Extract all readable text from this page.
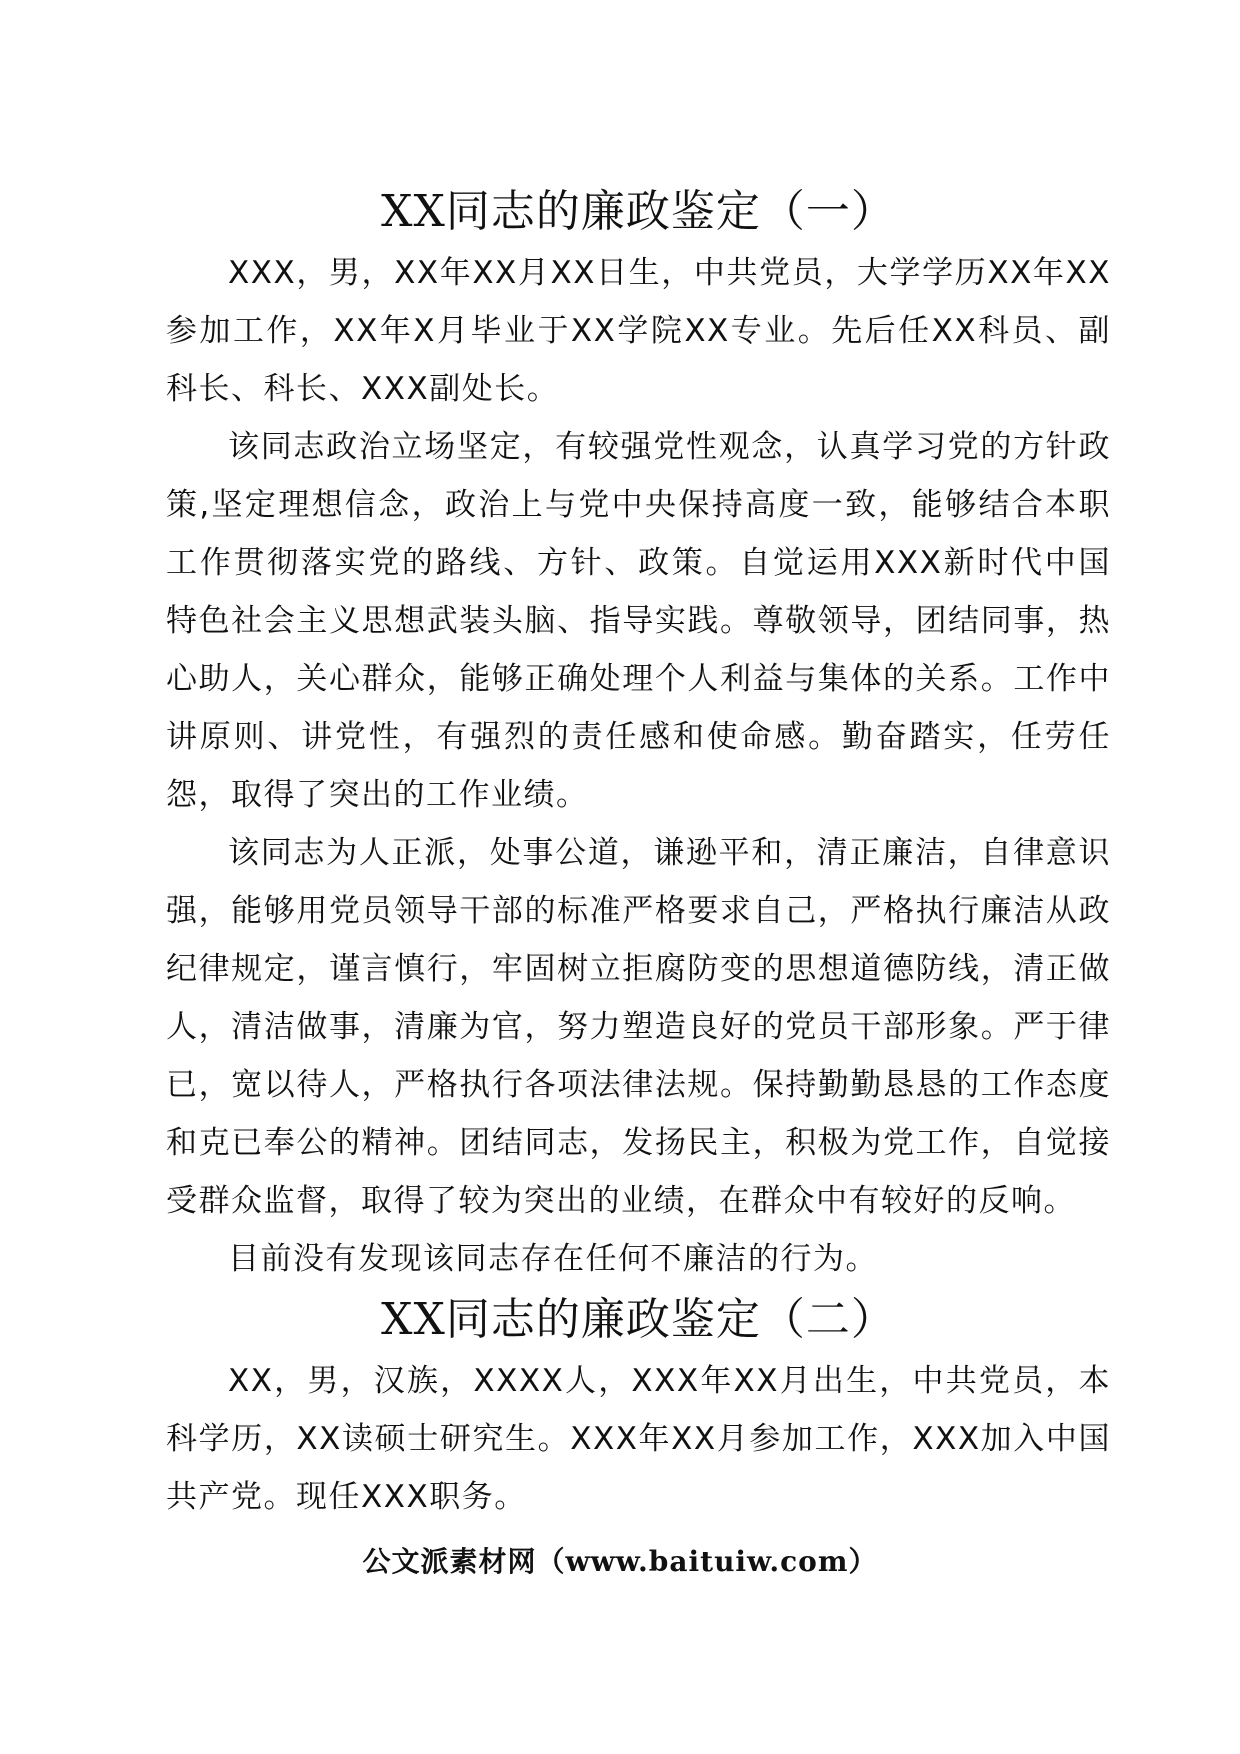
XX同志的廉政鉴定（一）

XXX，男，XX年XX月XX日生，中共党员，大学学历XX年XX参加工作，XX年X月毕业于XX学院XX专业。先后任XX科员、副科长、科长、XXX副处长。

该同志政治立场坚定，有较强党性观念，认真学习党的方针政策,坚定理想信念，政治上与党中央保持高度一致，能够结合本职工作贯彻落实党的路线、方针、政策。自觉运用XXX新时代中国特色社会主义思想武装头脑、指导实践。尊敬领导，团结同事，热心助人，关心群众，能够正确处理个人利益与集体的关系。工作中讲原则、讲党性，有强烈的责任感和使命感。勤奋踏实，任劳任怨，取得了突出的工作业绩。

该同志为人正派，处事公道，谦逊平和，清正廉洁，自律意识强，能够用党员领导干部的标准严格要求自己，严格执行廉洁从政纪律规定，谨言慎行，牢固树立拒腐防变的思想道德防线，清正做人，清洁做事，清廉为官，努力塑造良好的党员干部形象。严于律已，宽以待人，严格执行各项法律法规。保持勤勤恳恳的工作态度和克已奉公的精神。团结同志，发扬民主，积极为党工作，自觉接受群众监督，取得了较为突出的业绩，在群众中有较好的反响。

目前没有发现该同志存在任何不廉洁的行为。

XX同志的廉政鉴定（二）

XX，男，汉族，XXXX人，XXX年XX月出生，中共党员，本科学历，XX读硕士研究生。XXX年XX月参加工作，XXX加入中国共产党。现任XXX职务。

公文派素材网（www.baituiw.com）
